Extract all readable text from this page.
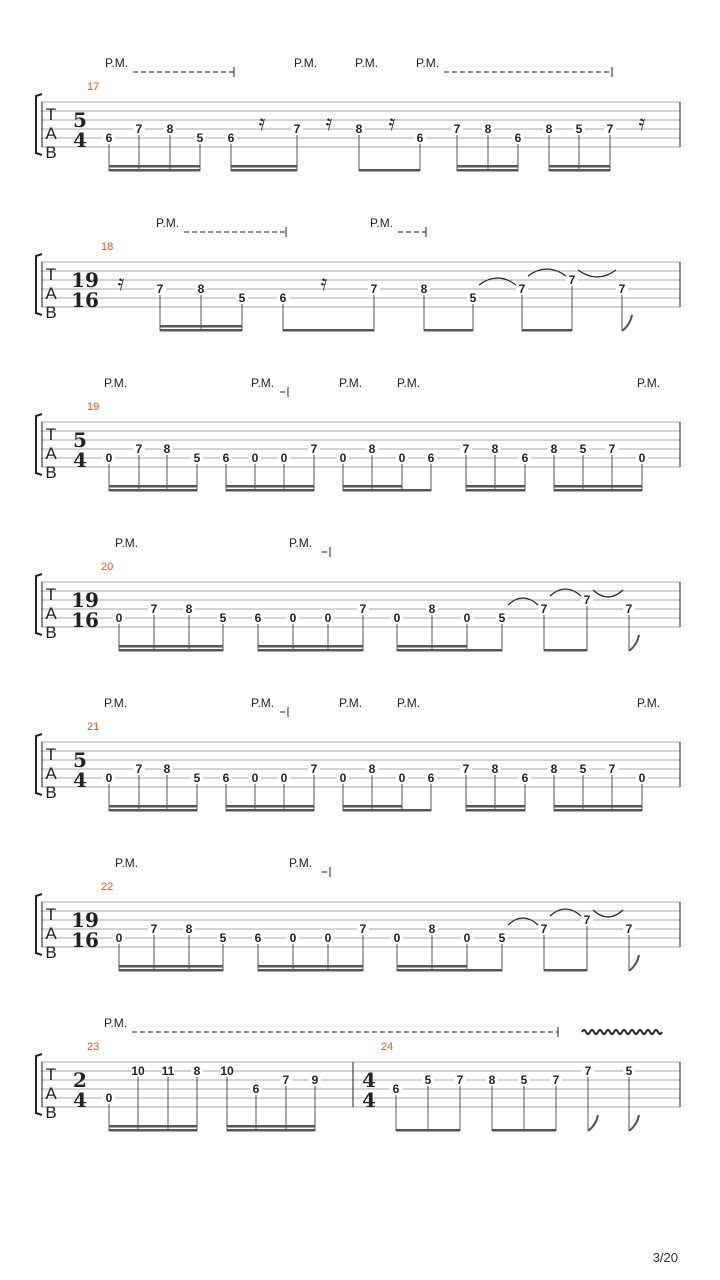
T
A
B
17
5
4 6
7 8
5 6
7	8
6
7 8
6
8 5 7
𝄿	𝄿	𝄿	𝄿
P.M.	P.M.	P.M.	P.M.
T
A
B
18
19
16	7	8
5	6
7	8
5
7
7
7
𝄿	𝄿
P.M.	P.M.
T
A
B
19
5
4 0
7 8
5 6 0 0
7
0
8
0 6
7 8
6
8 5 7
0
P.M.	P.M.	P.M.	P.M.	P.M.
T
A
B
20
19
16 0
7 8
5 6 0 0
7
0
8
0 5
7
7
7
P.M.	P.M.
T
A
B
21
5
4 0
7 8
5 6 0 0
7
0
8
0 6
7 8
6
8 5 7
0
P.M.	P.M.	P.M.	P.M.	P.M.
T
A
B
22
19
16 0
7 8
5 6 0 0
7
0
8
0 5
7
7
7
P.M.	P.M.
T
A
B
23
2
4 0
10 11 8 10
6
7 9
24
4
4 6
5 7 8 5 7
7	5
P.M.
3/20
